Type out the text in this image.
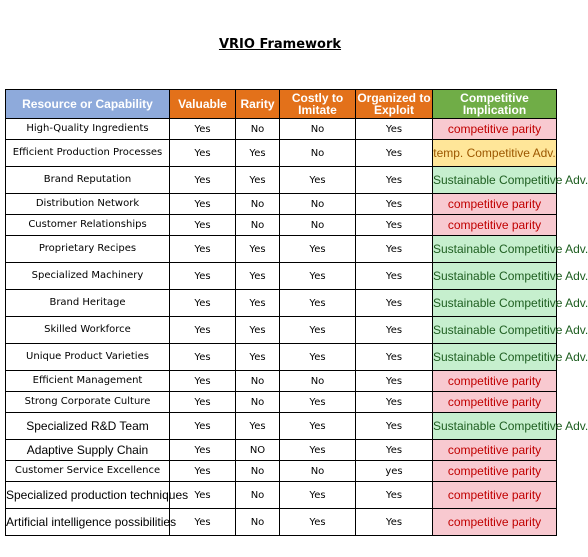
VRIO Framework
Resource or Capability	Valuable	Rarity	Costly to Imitate	Organized to Exploit	Competitive Implication
High-Quality Ingredients	Yes	No	No	Yes	competitive parity
Efficient Production Processes	Yes	Yes	No	Yes	temp. Competitive Adv.
Brand Reputation	Yes	Yes	Yes	Yes	Sustainable Competitive Adv.
Distribution Network	Yes	No	No	Yes	competitive parity
Customer Relationships	Yes	No	No	Yes	competitive parity
Proprietary Recipes	Yes	Yes	Yes	Yes	Sustainable Competitive Adv.
Specialized Machinery	Yes	Yes	Yes	Yes	Sustainable Competitive Adv.
Brand Heritage	Yes	Yes	Yes	Yes	Sustainable Competitive Adv.
Skilled Workforce	Yes	Yes	Yes	Yes	Sustainable Competitive Adv.
Unique Product Varieties	Yes	Yes	Yes	Yes	Sustainable Competitive Adv.
Efficient Management	Yes	No	No	Yes	competitive parity
Strong Corporate Culture	Yes	No	Yes	Yes	competitive parity
Specialized R&D Team	Yes	Yes	Yes	Yes	Sustainable Competitive Adv.
Adaptive Supply Chain	Yes	NO	Yes	Yes	competitive parity
Customer Service Excellence	Yes	No	No	yes	competitive parity
Specialized production techniques	Yes	No	Yes	Yes	competitive parity
Artificial intelligence possibilities	Yes	No	Yes	Yes	competitive parity
